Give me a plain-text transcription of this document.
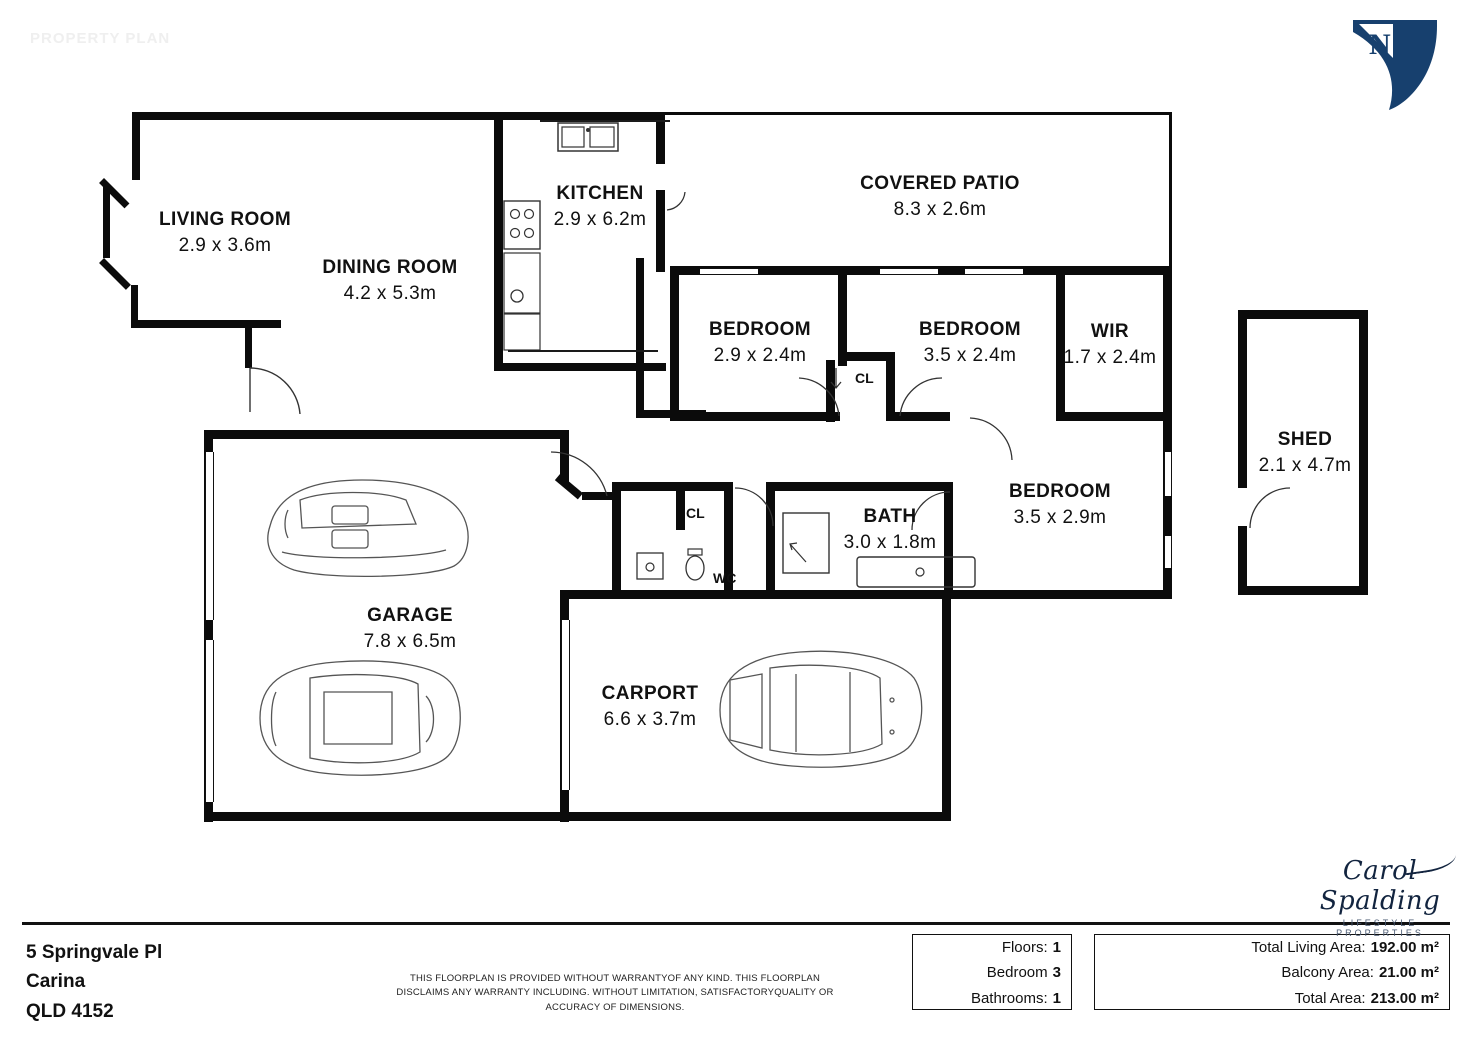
PROPERTY PLAN	N
LIVING ROOM
2.9 x 3.6m
DINING ROOM
4.2 x 5.3m
KITCHEN
2.9 x 6.2m
COVERED PATIO
8.3 x 2.6m
BEDROOM
2.9 x 2.4m
BEDROOM
3.5 x 2.4m
WIR
1.7 x 2.4m
BEDROOM
3.5 x 2.9m
BATH
3.0 x 1.8m
GARAGE
7.8 x 6.5m
CARPORT
6.6 x 3.7m
SHED
2.1 x 4.7m
CL
CL
WC
5 Springvale Pl
Carina
QLD 4152
THIS FLOORPLAN IS PROVIDED WITHOUT WARRANTYOF ANY KIND. THIS FLOORPLAN DISCLAIMS ANY WARRANTY INCLUDING. WITHOUT LIMITATION, SATISFACTORYQUALITY OR ACCURACY OF DIMENSIONS.
Floors: 1
Bedroom 3
Bathrooms: 1
Total Living Area: 192.00 m²
Balcony Area: 21.00 m²
Total Area: 213.00 m²
Carol Spalding
LIFESTYLE PROPERTIES
